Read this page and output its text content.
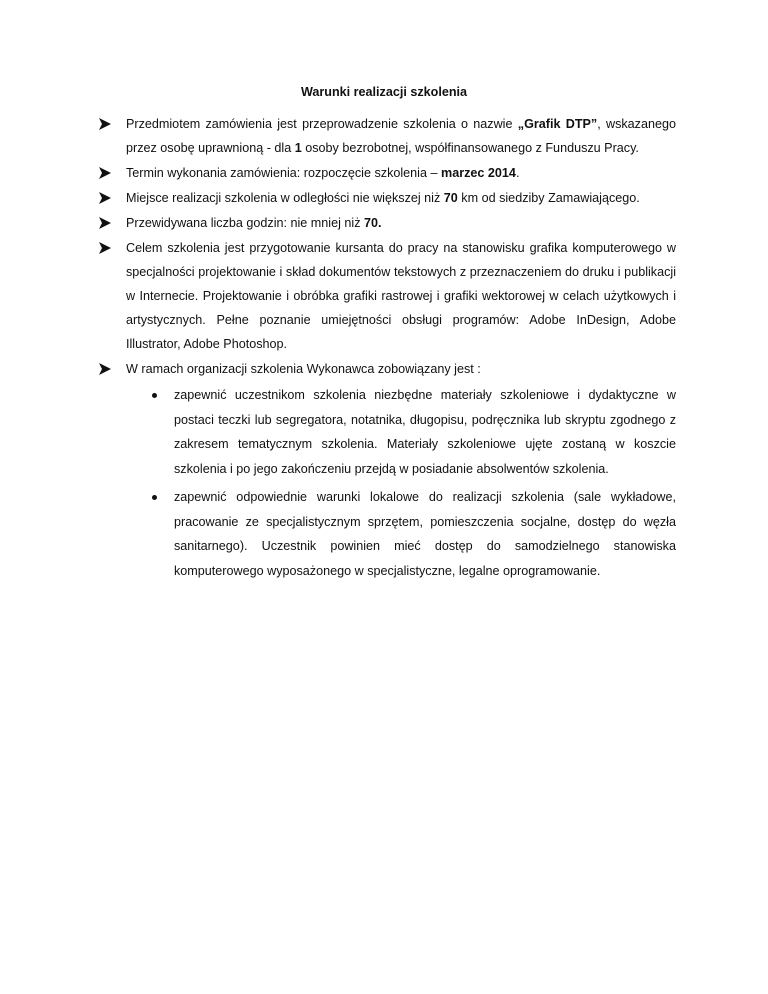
Warunki realizacji szkolenia
Przedmiotem zamówienia jest przeprowadzenie szkolenia o nazwie „Grafik DTP”, wskazanego przez osobę uprawnioną - dla 1 osoby bezrobotnej, współfinansowanego z Funduszu Pracy.
Termin wykonania zamówienia: rozpoczęcie szkolenia – marzec 2014.
Miejsce realizacji szkolenia w odległości nie większej niż 70 km od siedziby Zamawiającego.
Przewidywana liczba godzin: nie mniej niż 70.
Celem szkolenia jest przygotowanie kursanta do pracy na stanowisku grafika komputerowego w specjalności projektowanie i skład dokumentów tekstowych z przeznaczeniem do druku i publikacji w Internecie. Projektowanie i obróbka grafiki rastrowej i grafiki wektorowej w celach użytkowych i artystycznych. Pełne poznanie umiejętności obsługi programów: Adobe InDesign, Adobe Illustrator, Adobe Photoshop.
W ramach organizacji szkolenia Wykonawca zobowiązany jest :
zapewnić uczestnikom szkolenia niezbędne materiały szkoleniowe i dydaktyczne w postaci teczki lub segregatora, notatnika, długopisu, podręcznika lub skryptu zgodnego z zakresem tematycznym szkolenia. Materiały szkoleniowe ujęte zostaną w koszcie szkolenia i po jego zakończeniu przejdą w posiadanie absolwentów szkolenia.
zapewnić odpowiednie warunki lokalowe do realizacji szkolenia (sale wykładowe, pracowanie ze specjalistycznym sprzętem, pomieszczenia socjalne, dostęp do węzła sanitarnego). Uczestnik powinien mieć dostęp do samodzielnego stanowiska komputerowego wyposażonego w specjalistyczne, legalne oprogramowanie.
